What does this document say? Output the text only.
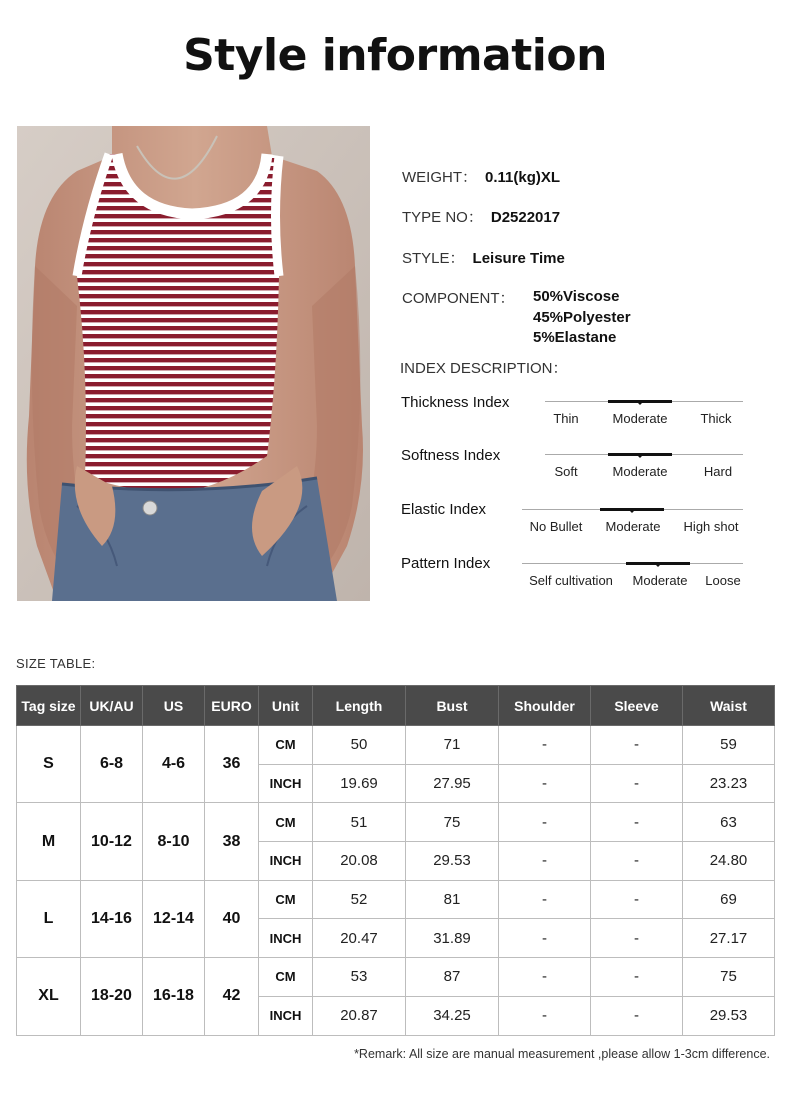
Style information
WEIGHT： 0.11(kg)XL
TYPE NO： D2522017
STYLE： Leisure Time
COMPONENT： 50%Viscose
45%Polyester
5%Elastane
INDEX DESCRIPTION：
Thickness Index
Thin	Moderate	Thick
Softness Index
Soft	Moderate	Hard
Elastic Index
No Bullet Moderate High shot
Pattern Index
Self cultivation Moderate Loose
SIZE TABLE:
Tag size	UK/AU	US	EURO	Unit	Length	Bust	Shoulder	Sleeve	Waist
S	6-8	4-6	36	CM	50	71	-	-	59
				INCH	19.69	27.95	-	-	23.23
M	10-12	8-10	38	CM	51	75	-	-	63
				INCH	20.08	29.53	-	-	24.80
L	14-16	12-14	40	CM	52	81	-	-	69
				INCH	20.47	31.89	-	-	27.17
XL	18-20	16-18	42	CM	53	87	-	-	75
				INCH	20.87	34.25	-	-	29.53
*Remark: All size are manual measurement ,please allow 1-3cm difference.
